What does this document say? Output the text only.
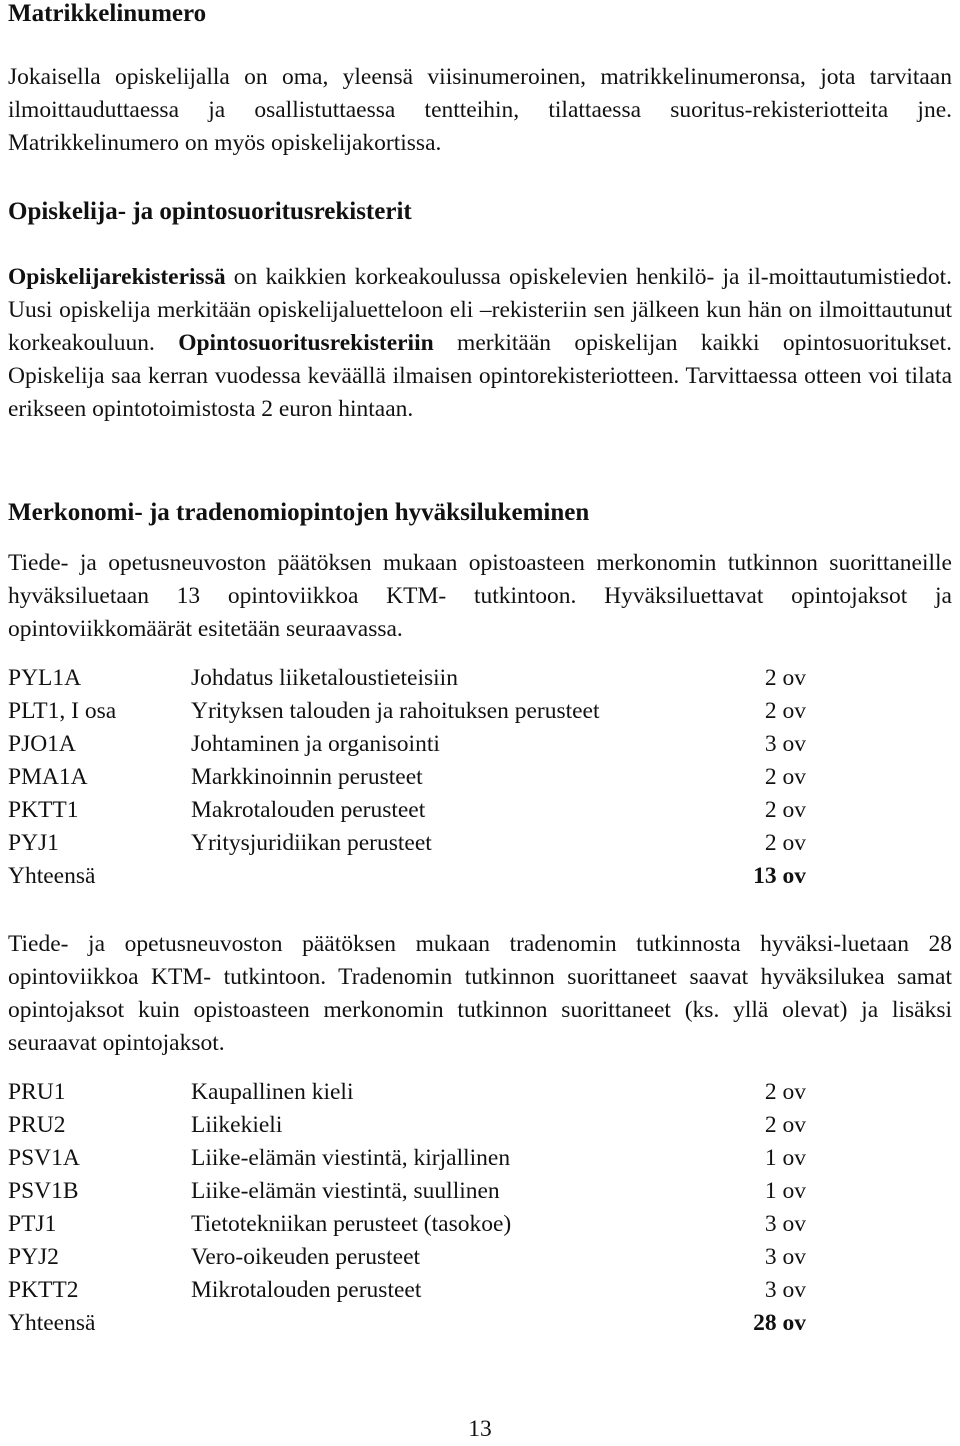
Matrikkelinumero

Jokaisella opiskelijalla on oma, yleensä viisinumeroinen, matrikkelinumeronsa, jota tarvitaan ilmoittauduttaessa ja osallistuttaessa tentteihin, tilattaessa suoritus-rekisteriotteita jne. Matrikkelinumero on myös opiskelijakortissa.

Opiskelija- ja opintosuoritusrekisterit

Opiskelijarekisterissä on kaikkien korkeakoulussa opiskelevien henkilö- ja il-moittautumistiedot. Uusi opiskelija merkitään opiskelijaluetteloon eli –rekisteriin sen jälkeen kun hän on ilmoittautunut korkeakouluun. Opintosuoritusrekisteriin merkitään opiskelijan kaikki opintosuoritukset. Opiskelija saa kerran vuodessa keväällä ilmaisen opintorekisteriotteen. Tarvittaessa otteen voi tilata erikseen opintotoimistosta 2 euron hintaan.

Merkonomi- ja tradenomiopintojen hyväksilukeminen

Tiede- ja opetusneuvoston päätöksen mukaan opistoasteen merkonomin tutkinnon suorittaneille hyväksiluetaan 13 opintoviikkoa KTM- tutkintoon. Hyväksiluettavat opintojaksot ja opintoviikkomäärät esitetään seuraavassa.

PYL1A	Johdatus liiketaloustieteisiin	2 ov
PLT1, I osa	Yrityksen talouden ja rahoituksen perusteet	2 ov
PJO1A	Johtaminen ja organisointi	3 ov
PMA1A	Markkinoinnin perusteet	2 ov
PKTT1	Makrotalouden perusteet	2 ov
PYJ1	Yritysjuridiikan perusteet	2 ov
Yhteensä	13 ov

Tiede- ja opetusneuvoston päätöksen mukaan tradenomin tutkinnosta hyväksi-luetaan 28 opintoviikkoa KTM- tutkintoon. Tradenomin tutkinnon suorittaneet saavat hyväksilukea samat opintojaksot kuin opistoasteen merkonomin tutkinnon suorittaneet (ks. yllä olevat) ja lisäksi seuraavat opintojaksot.

PRU1	Kaupallinen kieli	2 ov
PRU2	Liikekieli	2 ov
PSV1A	Liike-elämän viestintä, kirjallinen	1 ov
PSV1B	Liike-elämän viestintä, suullinen	1 ov
PTJ1	Tietotekniikan perusteet (tasokoe)	3 ov
PYJ2	Vero-oikeuden perusteet	3 ov
PKTT2	Mikrotalouden perusteet	3 ov
Yhteensä	28 ov
13
